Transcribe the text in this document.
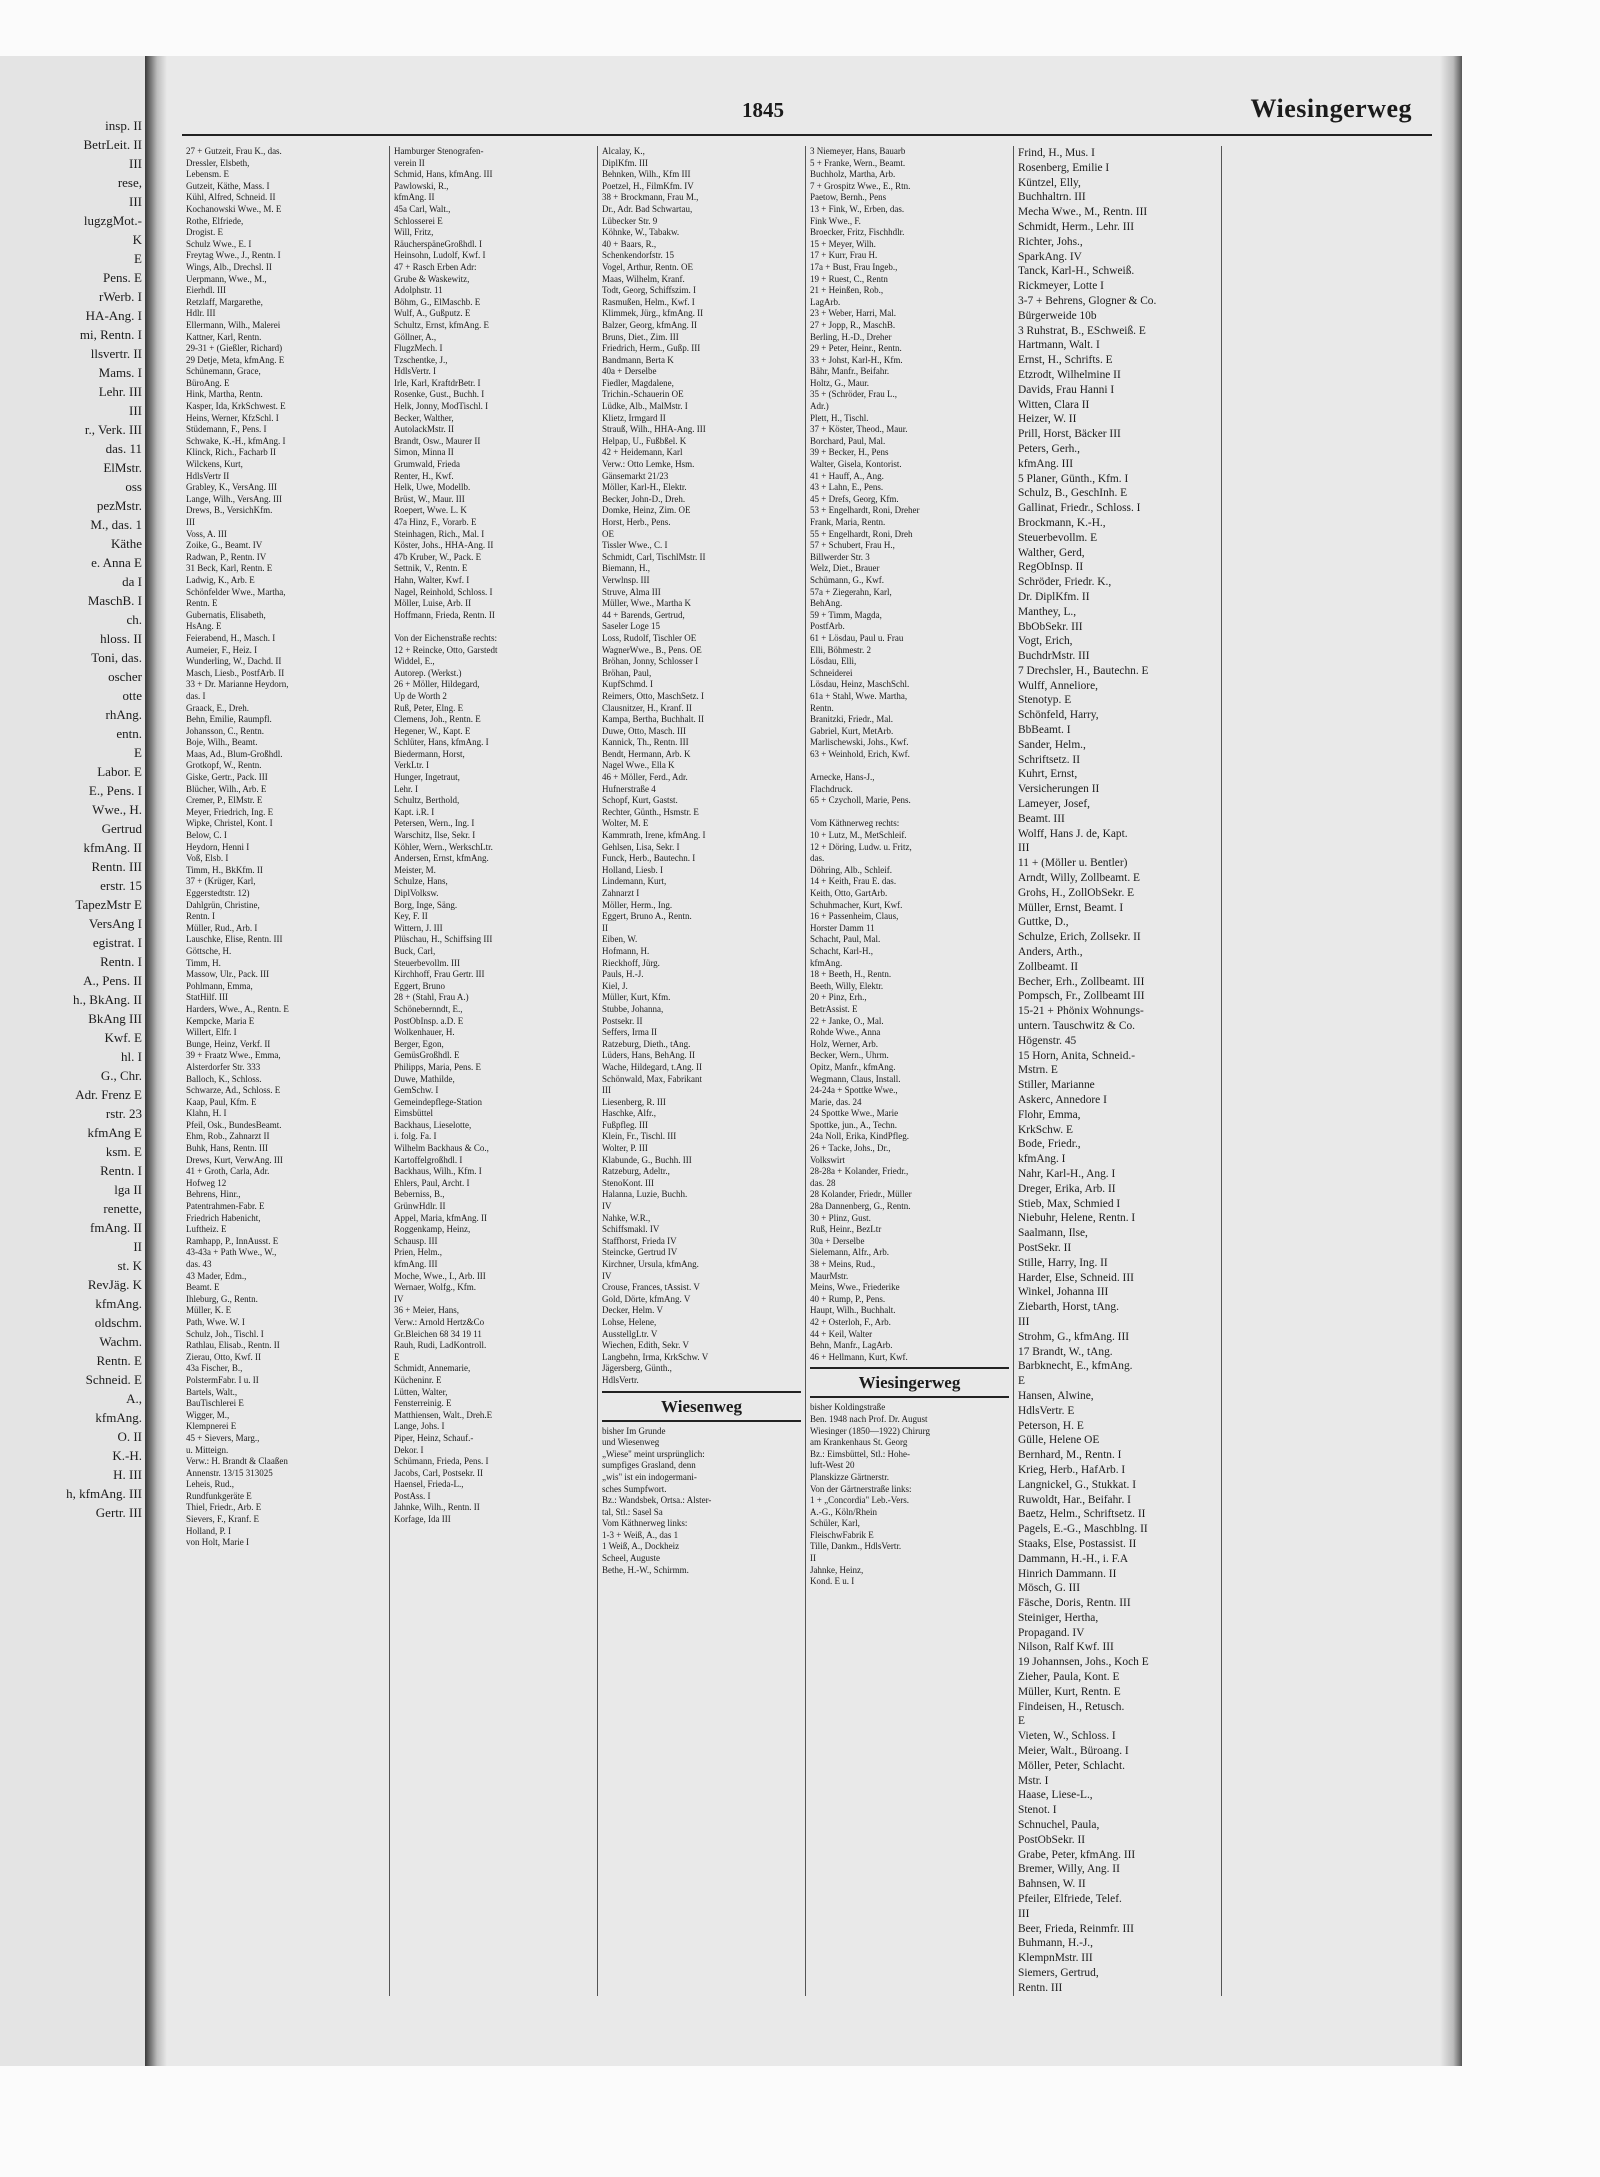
insp. II
BetrLeit. II
III
rese,
III
lugzgMot.-
K
E
Pens. E
rWerb. I
HA-Ang. I
mi, Rentn. I
llsvertr. II
Mams. I
Lehr. III
III
r., Verk. III
das. 11
ElMstr.
oss
pezMstr.
M., das. 1
Käthe
e. Anna E
da I
MaschB. I
ch.
hloss. II
Toni, das.
oscher
otte
rhAng.
entn.
E
Labor. E
E., Pens. I
Wwe., H.
Gertrud
kfmAng. II
Rentn. III
erstr. 15
TapezMstr E
VersAng I
egistrat. I
Rentn. I
A., Pens. II
h., BkAng. II
BkAng III
Kwf. E
hl. I
G., Chr.
Adr. Frenz E
rstr. 23
kfmAng E
ksm. E
Rentn. I
lga II
renette,
fmAng. II
II
st. K
RevJäg. K
kfmAng.
oldschm.
Wachm.
Rentn. E
Schneid. E
A.,
kfmAng.
O. II
K.-H.
H. III
h, kfmAng. III
Gertr. III
1845	Wiesingerweg
27 + Gutzeit, Frau K., das.
Dressler, Elsbeth,
Lebensm. E
Gutzeit, Käthe, Mass. I
Kühl, Alfred, Schneid. II
Kochanowski Wwe., M. E
Rothe, Elfriede,
Drogist. E
Schulz Wwe., E. I
Freytag Wwe., J., Rentn. I
Wings, Alb., Drechsl. II
Uerpmann, Wwe., M.,
Eierhdl. III
Retzlaff, Margarethe,
Hdlr. III
Ellermann, Wilh., Malerei
Kattner, Karl, Rentn.
29-31 + (Gießler, Richard)
29 Detje, Meta, kfmAng. E
Schünemann, Grace,
BüroAng. E
Hink, Martha, Rentn.
Kasper, Ida, KrkSchwest. E
Heins, Werner, KfzSchl. I
Stüdemann, F., Pens. I
Schwake, K.-H., kfmAng. I
Klinck, Rich., Facharb II
Wilckens, Kurt,
HdlsVertr II
Grabley, K., VersAng. III
Lange, Wilh., VersAng. III
Drews, B., VersichKfm.
III
Voss, A. III
Zoike, G., Beamt. IV
Radwan, P., Rentn. IV
31 Beck, Karl, Rentn. E
Ladwig, K., Arb. E
Schönfelder Wwe., Martha,
Rentn. E
Gubernatis, Elisabeth,
HsAng. E
Feierabend, H., Masch. I
Aumeier, F., Heiz. I
Wunderling, W., Dachd. II
Masch, Liesb., PostfArb. II
33 + Dr. Marianne Heydorn,
das. I
Graack, E., Dreh.
Behn, Emilie, Raumpfl.
Johansson, C., Rentn.
Boje, Wilh., Beamt.
Maas, Ad., Blum-Großhdl.
Grotkopf, W., Rentn.
Giske, Gertr., Pack. III
Blücher, Wilh., Arb. E
Cremer, P., ElMstr. E
Meyer, Friedrich, Ing. E
Wipke, Christel, Kont. I
Below, C. I
Heydorn, Henni I
Voß, Elsb. I
Timm, H., BkKfm. II
37 + (Krüger, Karl,
Eggerstedtstr. 12)
Dahlgrün, Christine,
Rentn. I
Müller, Rud., Arb. I
Lauschke, Elise, Rentn. III
Göttsche, H.
Timm, H.
Massow, Ulr., Pack. III
Pohlmann, Emma,
StatHilf. III
Harders, Wwe., A., Rentn. E
Kempcke, Maria E
Willert, Elfr. I
Bunge, Heinz, Verkf. II
39 + Fraatz Wwe., Emma,
Alsterdorfer Str. 333
Balloch, K., Schloss.
Schwarze, Ad., Schloss. E
Kaap, Paul, Kfm. E
Klahn, H. I
Pfeil, Osk., BundesBeamt.
Ehm, Rob., Zahnarzt II
Buhk, Hans, Rentn. III
Drews, Kurt, VerwAng. III
41 + Groth, Carla, Adr.
Hofweg 12
Behrens, Hinr.,
Patentrahmen-Fabr. E
Friedrich Habenicht,
Luftheiz. E
Ramhapp, P., InnAusst. E
43-43a + Path Wwe., W.,
das. 43
43 Mader, Edm.,
Beamt. E
Ihleburg, G., Rentn.
Müller, K. E
Path, Wwe. W. I
Schulz, Joh., Tischl. I
Rathlau, Elisab., Rentn. II
Zierau, Otto, Kwf. II
43a Fischer, B.,
PolstermFabr. I u. II
Bartels, Walt.,
BauTischlerei E
Wigger, M.,
Klempnerei E
45 + Sievers, Marg.,
u. Mitteign.
Verw.: H. Brandt & Claaßen
Annenstr. 13/15 313025
Leheis, Rud.,
Rundfunkgeräte E
Thiel, Friedr., Arb. E
Sievers, F., Kranf. E
Holland, P. I
von Holt, Marie I
Hamburger Stenografen-
verein II
Schmid, Hans, kfmAng. III
Pawlowski, R.,
kfmAng. II
45a Carl, Walt.,
Schlosserei E
Will, Fritz,
RäucherspäneGroßhdl. I
Heinsohn, Ludolf, Kwf. I
47 + Rasch Erben Adr:
Grube & Waskewitz,
Adolphstr. 11
Böhm, G., ElMaschb. E
Wulf, A., Gußputz. E
Schultz, Ernst, kfmAng. E
Göllner, A.,
FlugzMech. I
Tzschentke, J.,
HdlsVertr. I
Irle, Karl, KraftdrBetr. I
Rosenke, Gust., Buchh. I
Helk, Jonny, ModTischl. I
Becker, Walther,
AutolackMstr. II
Brandt, Osw., Maurer II
Simon, Minna II
Grumwald, Frieda
Renter, H., Kwf.
Helk, Uwe, Modellb.
Brüst, W., Maur. III
Roepert, Wwe. L. K
47a Hinz, F., Vorarb. E
Steinhagen, Rich., Mal. I
Köster, Johs., HHA-Ang. II
47b Kruber, W., Pack. E
Settnik, V., Rentn. E
Hahn, Walter, Kwf. I
Nagel, Reinhold, Schloss. I
Möller, Luise, Arb. II
Hoffmann, Frieda, Rentn. II

Von der Eichenstraße rechts:
12 + Reincke, Otto, Garstedt
Widdel, E.,
Autorep. (Werkst.)
26 + Möller, Hildegard,
Up de Worth 2
Ruß, Peter, Elng. E
Clemens, Joh., Rentn. E
Hegener, W., Kapt. E
Schlüter, Hans, kfmAng. I
Biedermann, Horst,
VerkLtr. I
Hunger, Ingetraut,
Lehr. I
Schultz, Berthold,
Kapt. i.R. I
Petersen, Wern., Ing. I
Warschitz, Ilse, Sekr. I
Köhler, Wern., WerkschLtr.
Andersen, Ernst, kfmAng.
Meister, M.
Schulze, Hans,
DiplVolksw.
Borg, Inge, Säng.
Key, F. II
Wittern, J. III
Plüschau, H., Schiffsing III
Buck, Carl,
Steuerbevollm. III
Kirchhoff, Frau Gertr. III
Eggert, Bruno
28 + (Stahl, Frau A.)
Schönebernndt, E.,
PostObInsp. a.D. E
Wolkenhauer, H.
Berger, Egon,
GemüsGroßhdl. E
Philipps, Maria, Pens. E
Duwe, Mathilde,
GemSchw. I
Gemeindepflege-Station
Eimsbüttel
Backhaus, Lieselotte,
i. folg. Fa. I
Wilhelm Backhaus & Co.,
Kartoffelgroßhdl. I
Backhaus, Wilh., Kfm. I
Ehlers, Paul, Archt. I
Beberniss, B.,
GrünwHdlr. II
Appel, Maria, kfmAng. II
Roggenkamp, Heinz,
Schausp. III
Prien, Helm.,
kfmAng. III
Moche, Wwe., I., Arb. III
Wernaer, Wolfg., Kfm.
IV
36 + Meier, Hans,
Verw.: Arnold Hertz&Co
Gr.Bleichen 68 34 19 11
Rauh, Rudi, LadKontroll.
E
Schmidt, Annemarie,
Kücheninr. E
Lütten, Walter,
Fensterreinig. E
Matthiensen, Walt., Dreh.E
Lange, Johs. I
Piper, Heinz, Schauf.-
Dekor. I
Schümann, Frieda, Pens. I
Jacobs, Carl, Postsekr. II
Haensel, Frieda-L.,
PostAss. I
Jahnke, Wilh., Rentn. II
Korfage, Ida III
Alcalay, K.,
DiplKfm. III
Behnken, Wilh., Kfm III
Poetzel, H., FilmKfm. IV
38 + Brockmann, Frau M.,
Dr., Adr. Bad Schwartau,
Lübecker Str. 9
Köhnke, W., Tabakw.
40 + Baars, R.,
Schenkendorfstr. 15
Vogel, Arthur, Rentn. OE
Maas, Wilhelm, Kranf.
Todt, Georg, Schiffszim. I
Rasmußen, Helm., Kwf. I
Klimmek, Jürg., kfmAng. II
Balzer, Georg, kfmAng. II
Bruns, Diet., Zim. III
Friedrich, Herm., Gußp. III
Bandmann, Berta K
40a + Derselbe
Fiedler, Magdalene,
Trichin.-Schauerin OE
Lüdke, Alb., MalMstr. I
Klietz, Irmgard II
Strauß, Wilh., HHA-Ang. III
Helpap, U., Fußbßel. K
42 + Heidemann, Karl
Verw.: Otto Lemke, Hsm.
Gänsemarkt 21/23
Möller, Karl-H., Elektr.
Becker, John-D., Dreh.
Domke, Heinz, Zim. OE
Horst, Herb., Pens.
OE
Tissler Wwe., C. I
Schmidt, Carl, TischlMstr. II
Biemann, H.,
Verwlnsp. III
Struve, Alma III
Müller, Wwe., Martha K
44 + Barends, Gertrud,
Saseler Loge 15
Loss, Rudolf, Tischler OE
WagnerWwe., B., Pens. OE
Bröhan, Jonny, Schlosser I
Bröhan, Paul,
KupfSchmd. I
Reimers, Otto, MaschSetz. I
Clausnitzer, H., Kranf. II
Kampa, Bertha, Buchhalt. II
Duwe, Otto, Masch. III
Kannick, Th., Rentn. III
Bendt, Hermann, Arb. K
Nagel Wwe., Ella K
46 + Möller, Ferd., Adr.
Hufnerstraße 4
Schopf, Kurt, Gastst.
Rechter, Günth., Hsmstr. E
Wolter, M. E
Kammrath, Irene, kfmAng. I
Gehlsen, Lisa, Sekr. I
Funck, Herb., Bautechn. I
Holland, Liesb. I
Lindemann, Kurt,
Zahnarzt I
Möller, Herm., Ing.
Eggert, Bruno A., Rentn.
II
Eiben, W.
Hofmann, H.
Rieckhoff, Jürg.
Pauls, H.-J.
Kiel, J.
Müller, Kurt, Kfm.
Stubbe, Johanna,
Postsekr. II
Seffers, Irma II
Ratzeburg, Dieth., tAng.
Lüders, Hans, BehAng. II
Wache, Hildegard, t.Ang. II
Schönwald, Max, Fabrikant
III
Liesenberg, R. III
Haschke, Alfr.,
Fußpfleg. III
Klein, Fr., Tischl. III
Wolter, P. III
Klabunde, G., Buchh. III
Ratzeburg, Adeltr.,
StenoKont. III
Halanna, Luzie, Buchh.
IV
Nahke, W.R.,
Schiffsmakl. IV
Staffhorst, Frieda IV
Steincke, Gertrud IV
Kirchner, Ursula, kfmAng.
IV
Crouse, Frances, tAssist. V
Gold, Dörte, kfmAng. V
Decker, Helm. V
Lohse, Helene,
AusstellgLtr. V
Wiechen, Edith, Sekr. V
Langbehn, Irma, KrkSchw. V
Jägersberg, Günth.,
HdlsVertr.
Wiesenweg
bisher Im Grunde
und Wiesenweg
„Wiese" meint ursprünglich:
sumpfiges Grasland, denn
„wis" ist ein indogermani-
sches Sumpfwort.
Bz.: Wandsbek, Ortsa.: Alster-
tal, Stl.: Sasel Sa
Vom Käthnerweg links:
1-3 + Weiß, A., das 1
1 Weiß, A., Dockheiz
Scheel, Auguste
Bethe, H.-W., Schirmm.
3 Niemeyer, Hans, Bauarb
5 + Franke, Wern., Beamt.
Buchholz, Martha, Arb.
7 + Grospitz Wwe., E., Rtn.
Paetow, Bernh., Pens
13 + Fink, W., Erben, das.
Fink Wwe., F.
Broecker, Fritz, Fischhdlr.
15 + Meyer, Wilh.
17 + Kurr, Frau H.
17a + Bust, Frau Ingeb.,
19 + Ruest, C., Rentn
21 + Heinßen, Rob.,
LagArb.
23 + Weber, Harri, Mal.
27 + Jopp, R., MaschB.
Berling, H.-D., Dreher
29 + Peter, Heinr., Rentn.
33 + Johst, Karl-H., Kfm.
Bähr, Manfr., Beifahr.
Holtz, G., Maur.
35 + (Schröder, Frau L.,
Adr.)
Plett, H., Tischl.
37 + Köster, Theod., Maur.
Borchard, Paul, Mal.
39 + Becker, H., Pens
Walter, Gisela, Kontorist.
41 + Hauff, A., Ang.
43 + Lahn, E., Pens.
45 + Drefs, Georg, Kfm.
53 + Engelhardt, Roni, Dreher
Frank, Maria, Rentn.
55 + Engelhardt, Roni, Dreh
57 + Schubert, Frau H.,
Billwerder Str. 3
Welz, Diet., Brauer
Schümann, G., Kwf.
57a + Ziegerahn, Karl,
BehAng.
59 + Timm, Magda,
PostfArb.
61 + Lösdau, Paul u. Frau
Elli, Böhmestr. 2
Lösdau, Elli,
Schneiderei
Lösdau, Heinz, MaschSchl.
61a + Stahl, Wwe. Martha,
Rentn.
Branitzki, Friedr., Mal.
Gabriel, Kurt, MetArb.
Marlischewski, Johs., Kwf.
63 + Weinhold, Erich, Kwf.

Arnecke, Hans-J.,
Flachdruck.
65 + Czycholl, Marie, Pens.

Vom Käthnerweg rechts:
10 + Lutz, M., MetSchleif.
12 + Döring, Ludw. u. Fritz,
das.
Döhring, Alb., Schleif.
14 + Keith, Frau E. das.
Keith, Otto, GartArb.
Schuhmacher, Kurt, Kwf.
16 + Passenheim, Claus,
Horster Damm 11
Schacht, Paul, Mal.
Schacht, Karl-H.,
kfmAng.
18 + Beeth, H., Rentn.
Beeth, Willy, Elektr.
20 + Pinz, Erh.,
BetrAssist. E
22 + Janke, O., Mal.
Rohde Wwe., Anna
Holz, Werner, Arb.
Becker, Wern., Uhrm.
Opitz, Manfr., kfmAng.
Wegmann, Claus, Install.
24-24a + Spottke Wwe.,
Marie, das. 24
24 Spottke Wwe., Marie
Spottke, jun., A., Techn.
24a Noll, Erika, KindPfleg.
26 + Tacke, Johs., Dr.,
Volkswirt
28-28a + Kolander, Friedr.,
das. 28
28 Kolander, Friedr., Müller
28a Dannenberg, G., Rentn.
30 + Plinz, Gust.
Ruß, Heinr., BezLtr
30a + Derselbe
Sielemann, Alfr., Arb.
38 + Meins, Rud.,
MaurMstr.
Meins, Wwe., Friederike
40 + Rump, P., Pens.
Haupt, Wilh., Buchhalt.
42 + Osterloh, F., Arb.
44 + Keil, Walter
Behn, Manfr., LagArb.
46 + Hellmann, Kurt, Kwf.
Wiesingerweg
bisher Koldingstraße
Ben. 1948 nach Prof. Dr. August
Wiesinger (1850—1922) Chirurg
am Krankenhaus St. Georg
Bz.: Eimsbüttel, Stl.: Hohe-
luft-West 20
Planskizze Gärtnerstr.
Von der Gärtnerstraße links:
1 + „Concordia" Leb.-Vers.
A.-G., Köln/Rhein
Schüler, Karl,
FleischwFabrik E
Tille, Dankm., HdlsVertr.
II
Jahnke, Heinz,
Kond. E u. I
Frind, H., Mus. I
Rosenberg, Emilie I
Küntzel, Elly,
Buchhaltrn. III
Mecha Wwe., M., Rentn. III
Schmidt, Herm., Lehr. III
Richter, Johs.,
SparkAng. IV
Tanck, Karl-H., Schweiß.
Rickmeyer, Lotte I
3-7 + Behrens, Glogner & Co.
Bürgerweide 10b
3 Ruhstrat, B., ESchweiß. E
Hartmann, Walt. I
Ernst, H., Schrifts. E
Etzrodt, Wilhelmine II
Davids, Frau Hanni I
Witten, Clara II
Heizer, W. II
Prill, Horst, Bäcker III
Peters, Gerh.,
kfmAng. III
5 Planer, Günth., Kfm. I
Schulz, B., GeschInh. E
Gallinat, Friedr., Schloss. I
Brockmann, K.-H.,
Steuerbevollm. E
Walther, Gerd,
RegObInsp. II
Schröder, Friedr. K.,
Dr. DiplKfm. II
Manthey, L.,
BbObSekr. III
Vogt, Erich,
BuchdrMstr. III
7 Drechsler, H., Bautechn. E
Wulff, Anneliore,
Stenotyp. E
Schönfeld, Harry,
BbBeamt. I
Sander, Helm.,
Schriftsetz. II
Kuhrt, Ernst,
Versicherungen II
Lameyer, Josef,
Beamt. III
Wolff, Hans J. de, Kapt.
III
11 + (Möller u. Bentler)
Arndt, Willy, Zollbeamt. E
Grohs, H., ZollObSekr. E
Müller, Ernst, Beamt. I
Guttke, D.,
Schulze, Erich, Zollsekr. II
Anders, Arth.,
Zollbeamt. II
Becher, Erh., Zollbeamt. III
Pompsch, Fr., Zollbeamt III
15-21 + Phönix Wohnungs-
untern. Tauschwitz & Co.
Högenstr. 45
15 Horn, Anita, Schneid.-
Mstrn. E
Stiller, Marianne
Askerc, Annedore I
Flohr, Emma,
KrkSchw. E
Bode, Friedr.,
kfmAng. I
Nahr, Karl-H., Ang. I
Dreger, Erika, Arb. II
Stieb, Max, Schmied I
Niebuhr, Helene, Rentn. I
Saalmann, Ilse,
PostSekr. II
Stille, Harry, Ing. II
Harder, Else, Schneid. III
Winkel, Johanna III
Ziebarth, Horst, tAng.
III
Strohm, G., kfmAng. III
17 Brandt, W., tAng.
Barbknecht, E., kfmAng.
E
Hansen, Alwine,
HdlsVertr. E
Peterson, H. E
Gülle, Helene OE
Bernhard, M., Rentn. I
Krieg, Herb., HafArb. I
Langnickel, G., Stukkat. I
Ruwoldt, Har., Beifahr. I
Baetz, Helm., Schriftsetz. II
Pagels, E.-G., Maschblng. II
Staaks, Else, Postassist. II
Dammann, H.-H., i. F.A
Hinrich Dammann. II
Mösch, G. III
Fäsche, Doris, Rentn. III
Steiniger, Hertha,
Propagand. IV
Nilson, Ralf Kwf. III
19 Johannsen, Johs., Koch E
Zieher, Paula, Kont. E
Müller, Kurt, Rentn. E
Findeisen, H., Retusch.
E
Vieten, W., Schloss. I
Meier, Walt., Büroang. I
Möller, Peter, Schlacht.
Mstr. I
Haase, Liese-L.,
Stenot. I
Schnuchel, Paula,
PostObSekr. II
Grabe, Peter, kfmAng. III
Bremer, Willy, Ang. II
Bahnsen, W. II
Pfeiler, Elfriede, Telef.
III
Beer, Frieda, Reinmfr. III
Buhmann, H.-J.,
KlempnMstr. III
Siemers, Gertrud,
Rentn. III
